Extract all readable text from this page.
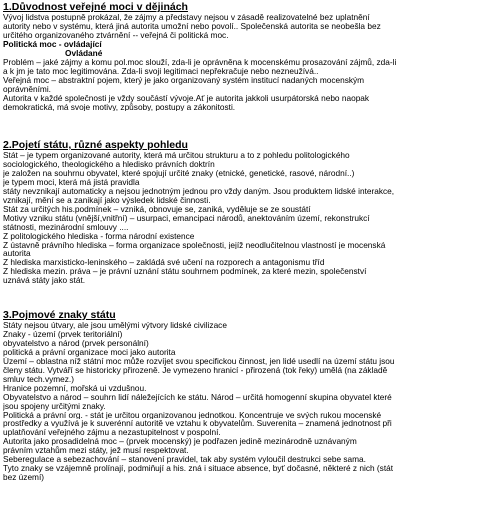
1.Důvodnost veřejné moci v dějinách

Vývoj lidstva postupně prokázal, že zájmy a představy nejsou v zásadě realizovatelné bez uplatnění

autority nebo v systému, která jiná autorita umožní nebo povolí.. Společenská autorita se neobešla bez

určitého organizovaného ztvárnění -- veřejná či politická moc.

Politická moc - ovládající

Ovládané

Problém – jaké zájmy a komu pol.moc slouží, zda-li je oprávněna k mocenskému prosazování zájmů, zda-li

a k jm je tato moc legitimována. Zda-li svoji legitimaci nepřekračuje nebo nezneužívá..

Veřejná moc – abstraktní pojem, který je jako organizovaný systém institucí nadaných mocenským

oprávněními.

Autorita v každé společnosti je vždy součástí vývoje.Ať je autorita jakkoli usurpátorská nebo naopak

demokratická, má svoje motivy, způsoby, postupy a zákonitosti.

2.Pojetí státu, různé aspekty pohledu

Stát – je typem organizované autority, která má určitou strukturu a to z pohledu politologického

sociologického, theologického a hledisko právních doktrín

je založen na souhrnu obyvatel, které spojují určité znaky (etnické, genetické, rasové, národní..)

je typem moci, která má jistá pravidla

státy nevznikají automaticky a nejsou jednotným jednou pro vždy daným. Jsou produktem lidské interakce,

vznikají, mění se a zanikají jako výsledek lidské činnosti.

Stát za určitých his.podmínek – vzniká, obnovuje se, zaniká, vyděluje se ze soustátí

Motivy vzniku státu (vnější,vnitřní) – usurpaci, emancipaci národů, anektováním území, rekonstrukcí

státnosti, mezinárodní smlouvy ....

Z politologického hlediska - forma národní existence

Z ústavně právního hlediska – forma organizace společnosti, jejíž neodlučitelnou vlastností je mocenská

autorita

Z hlediska marxisticko-leninského – zakládá své učení na rozporech a antagonismu tříd

Z hlediska mezin. práva – je právní uznání státu souhrnem podmínek, za které mezin, společenství

uznává státy jako stát.

3.Pojmové znaky státu

Státy nejsou útvary, ale jsou umělými výtvory lidské civilizace

Znaky - území (prvek teritoriální)

obyvatelstvo a národ (prvek personální)

politická a právní organizace moci jako autorita

Území – oblastna níž státní moc může rozvíjet svou specifickou činnost, jen lidé usedlí na území státu jsou

členy státu. Vytváří se historicky přirozeně. Je vymezeno hranicí - přirozená (tok řeky) umělá (na základě

smluv tech.vymez.)

Hranice pozemní, mořská ui vzdušnou.

Obyvatelstvo a národ – souhrn lidí náležejících ke státu. Národ – určitá homogenní skupina obyvatel které

jsou spojeny určitými znaky.

Politická a právní org. - stát je určitou organizovanou jednotkou. Koncentruje ve svých rukou mocenské

prostředky a využívá je k suverénní autoritě ve vztahu k obyvatelům. Suverenita – znamená jednotnost při

uplatňování veřejného zájmu a nezastupitelnost v pospolní.

Autorita jako prosadidelná moc – (prvek mocenský) je podřazen jedině mezinárodně uznávaným

právním vztahům mezi státy, jež musí respektovat.

Seberegulace a sebezachování – stanovení pravidel, tak aby systém vyloučil destrukci sebe sama.

Tyto znaky se vzájemně prolínají, podmiňují a his. zná i situace absence, byť dočasné, některé z nich (stát

bez území)
